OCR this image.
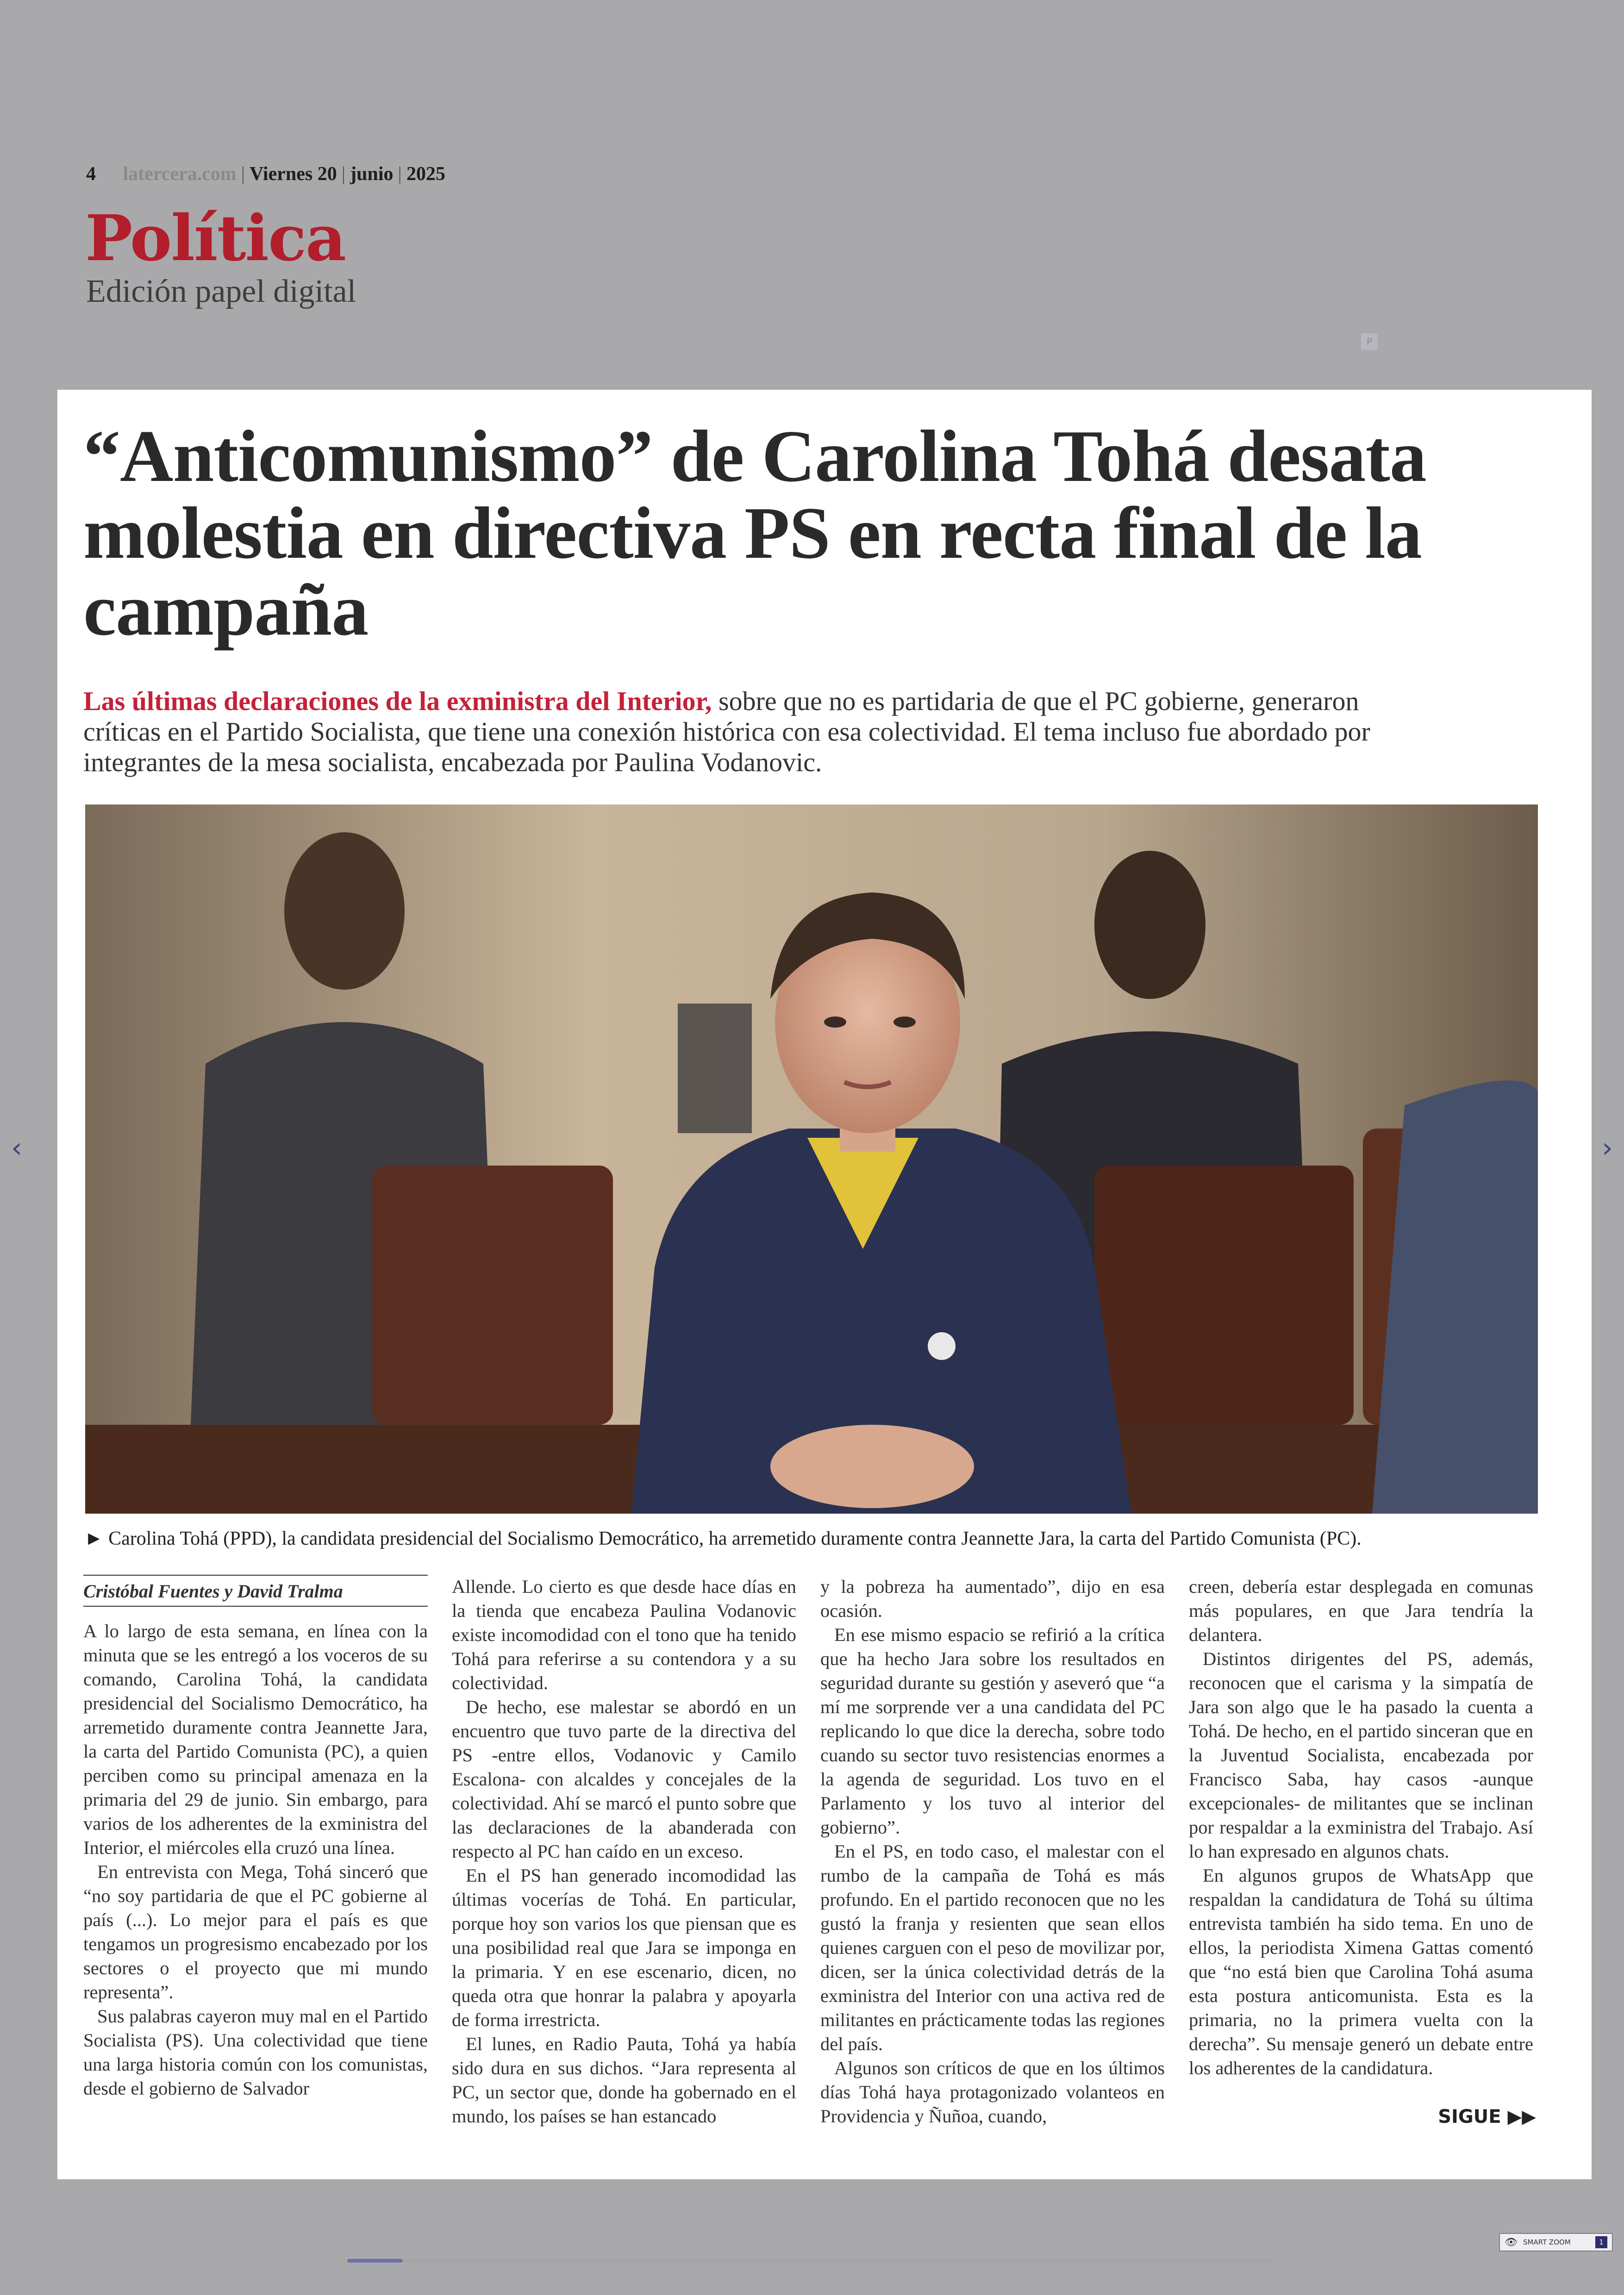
‹	›
4 latercera.com | Viernes 20 | junio | 2025
Política
Edición papel digital
P
“Anticomunismo” de Carolina Tohá desata molestia en directiva PS en recta final de la campaña
Las últimas declaraciones de la exministra del Interior, sobre que no es partidaria de que el PC gobierne, generaron críticas en el Partido Socialista, que tiene una conexión histórica con esa colectividad. El tema incluso fue abordado por integrantes de la mesa socialista, encabezada por Paulina Vodanovic.
► Carolina Tohá (PPD), la candidata presidencial del Socialismo Democrático, ha arremetido duramente contra Jeannette Jara, la carta del Partido Comunista (PC).
Cristóbal Fuentes y David Tralma

A lo largo de esta semana, en línea con la minuta que se les entregó a los voceros de su comando, Carolina Tohá, la candidata presidencial del Socialismo Democrático, ha arremetido duramente contra Jeannette Jara, la carta del Partido Comunista (PC), a quien perciben como su principal amenaza en la primaria del 29 de junio. Sin embargo, para varios de los adherentes de la exministra del Interior, el miércoles ella cruzó una línea.

En entrevista con Mega, Tohá sinceró que “no soy partidaria de que el PC gobierne al país (...). Lo mejor para el país es que tengamos un progresismo encabezado por los sectores o el proyecto que mi mundo representa”.

Sus palabras cayeron muy mal en el Partido Socialista (PS). Una colectividad que tiene una larga historia común con los comunistas, desde el gobierno de Salvador

Allende. Lo cierto es que desde hace días en la tienda que encabeza Paulina Vodanovic existe incomodidad con el tono que ha tenido Tohá para referirse a su contendora y a su colectividad.

De hecho, ese malestar se abordó en un encuentro que tuvo parte de la directiva del PS -entre ellos, Vodanovic y Camilo Escalona- con alcaldes y concejales de la colectividad. Ahí se marcó el punto sobre que las declaraciones de la abanderada con respecto al PC han caído en un exceso.

En el PS han generado incomodidad las últimas vocerías de Tohá. En particular, porque hoy son varios los que piensan que es una posibilidad real que Jara se imponga en la primaria. Y en ese escenario, dicen, no queda otra que honrar la palabra y apoyarla de forma irrestricta.

El lunes, en Radio Pauta, Tohá ya había sido dura en sus dichos. “Jara representa al PC, un sector que, donde ha gobernado en el mundo, los países se han estancado

y la pobreza ha aumentado”, dijo en esa ocasión.

En ese mismo espacio se refirió a la crítica que ha hecho Jara sobre los resultados en seguridad durante su gestión y aseveró que “a mí me sorprende ver a una candidata del PC replicando lo que dice la derecha, sobre todo cuando su sector tuvo resistencias enormes a la agenda de seguridad. Los tuvo en el Parlamento y los tuvo al interior del gobierno”.

En el PS, en todo caso, el malestar con el rumbo de la campaña de Tohá es más profundo. En el partido reconocen que no les gustó la franja y resienten que sean ellos quienes carguen con el peso de movilizar por, dicen, ser la única colectividad detrás de la exministra del Interior con una activa red de militantes en prácticamente todas las regiones del país.

Algunos son críticos de que en los últimos días Tohá haya protagonizado volanteos en Providencia y Ñuñoa, cuando,

creen, debería estar desplegada en comunas más populares, en que Jara tendría la delantera.

Distintos dirigentes del PS, además, reconocen que el carisma y la simpatía de Jara son algo que le ha pasado la cuenta a Tohá. De hecho, en el partido sinceran que en la Juventud Socialista, encabezada por Francisco Saba, hay casos -aunque excepcionales- de militantes que se inclinan por respaldar a la exministra del Trabajo. Así lo han expresado en algunos chats.

En algunos grupos de WhatsApp que respaldan la candidatura de Tohá su última entrevista también ha sido tema. En uno de ellos, la periodista Ximena Gattas comentó que “no está bien que Carolina Tohá asuma esta postura anticomunista. Esta es la primaria, no la primera vuelta con la derecha”. Su mensaje generó un debate entre los adherentes de la candidatura.

SIGUE ▶▶
👁 SMART ZOOM	1
